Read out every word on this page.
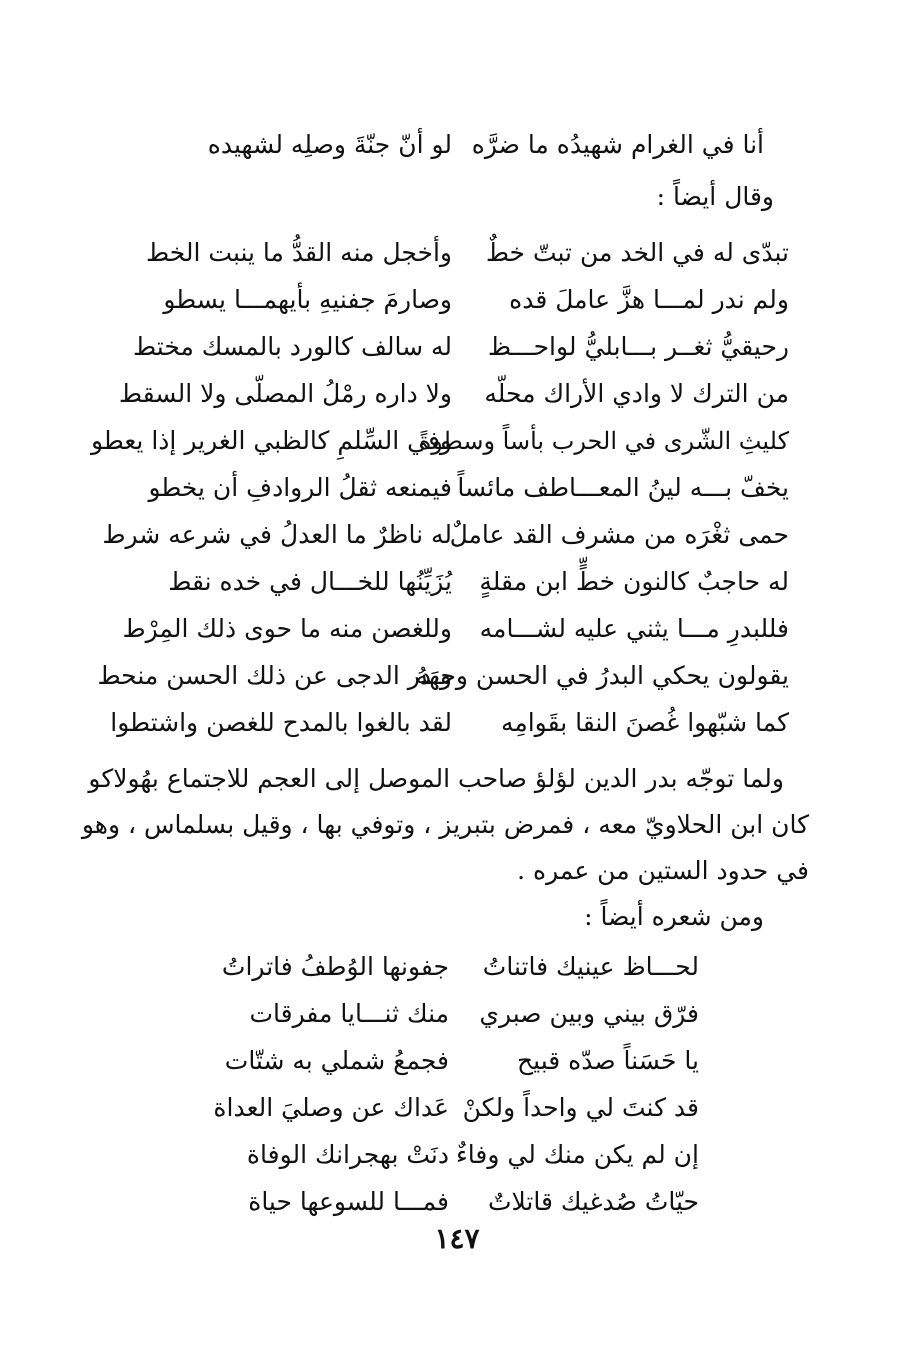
أنا في الغرام شهيدُه ما ضرَّه
لو أنّ جنّةَ وصلِه لشهيده
وقال أيضاً :
تبدّى له في الخد من تبتّ خطٌ
وأخجل منه القدُّ ما ينبت الخط
ولم ندر لمـــا هزَّ عاملَ قده
وصارمَ جفنيهِ بأيهمـــا يسطو
رحيقيُّ ثغــر بـــابليُّ لواحـــظ
له سالف كالورد بالمسك مختط
من الترك لا وادي الأراك محلّه
ولا داره رمْلُ المصلّى ولا السقط
كليثِ الشّرى في الحرب بأساً وسطوةً
وفي السِّلمِ كالظبي الغرير إذا يعطو
يخفّ بـــه لينُ المعـــاطف مائساً
فيمنعه ثقلُ الروادفِ أن يخطو
حمى ثغْرَه من مشرف القد عاملٌ
له ناظرٌ ما العدلُ في شرعه شرط
له حاجبٌ كالنون خطٍّ ابن مقلةٍ
يُزَيِّنُها للخـــال في خده نقط
فللبدرِ مـــا يثني عليه لشـــامه
وللغصن منه ما حوى ذلك المِرْط
يقولون يحكي البدرُ في الحسن وجهَهُ
وبدر الدجى عن ذلك الحسن منحط
كما شبّهوا غُصنَ النقا بقَوامِه
لقد بالغوا بالمدح للغصن واشتطوا
ولما توجّه بدر الدين لؤلؤ صاحب الموصل إلى العجم للاجتماع بهُولاكو
كان ابن الحلاويّ معه ، فمرض بتبريز ، وتوفي بها ، وقيل بسلماس ، وهو
في حدود الستين من عمره .
ومن شعره أيضاً :
لحـــاظ عينيك فاتناتُ
جفونها الوُطفُ فاتراتُ
فرّق بيني وبين صبري
منك ثنـــايا مفرقات
يا حَسَناً صدّه قبيح
فجمعُ شملي به شتّات
قد كنتَ لي واحداً ولكنْ
عَداك عن وصليَ العداة
إن لم يكن منك لي وفاءٌ
دنَتْ بهجرانك الوفاة
حيّاتُ صُدغيك قاتلاتٌ
فمـــا للسوعها حياة
١٤٧
